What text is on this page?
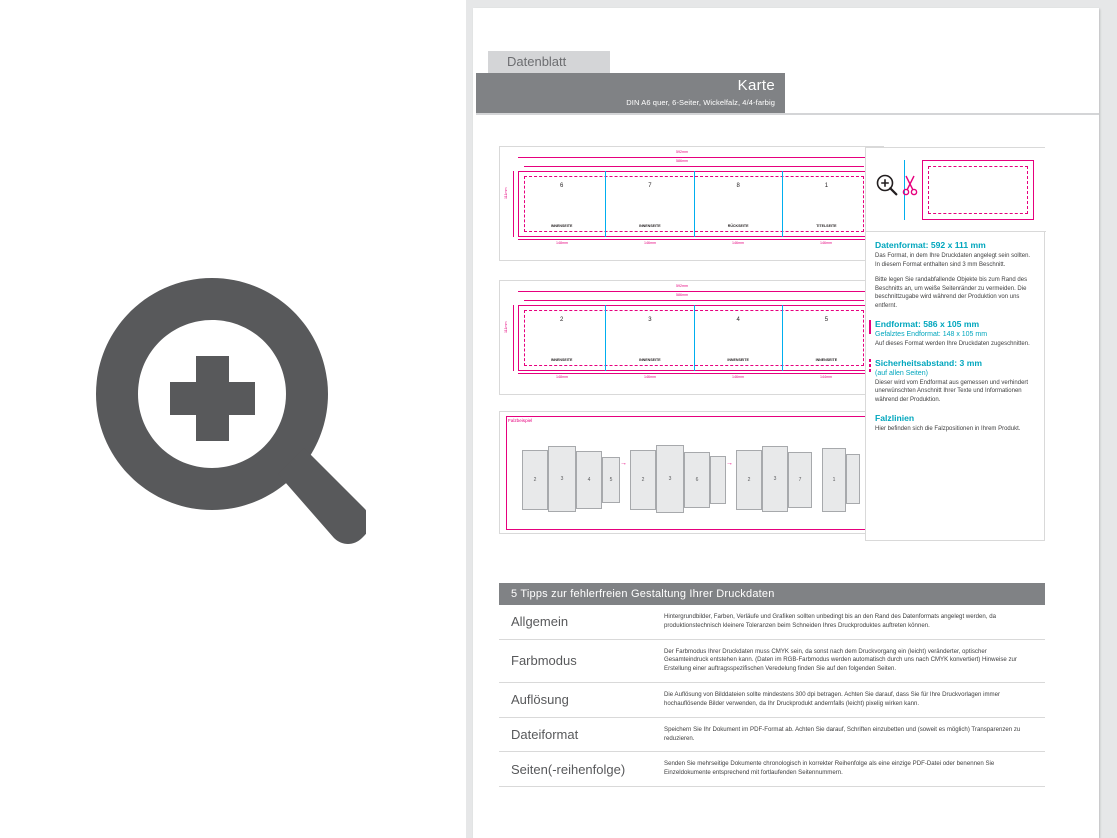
Datenblatt
Karte
DIN A6 quer, 6-Seiter, Wickelfalz, 4/4-farbig
592mm
586mm
111mm
6
INNENSEITE
7
INNENSEITE
8
RÜCKSEITE
1
TITELSEITE
148mm	146mm	146mm	146mm
592mm
586mm
111mm
2
INNENSEITE
3
INNENSEITE
4
INNENSEITE
5
INNENSEITE
148mm	146mm	146mm	144mm
Falzbeispiel
2	3	4	5
→
2	3	6
→
2	3	7	1
Datenformat: 592 x 111 mm
Das Format, in dem Ihre Druckdaten angelegt sein sollten. In diesem Format enthalten sind 3 mm Beschnitt.
Bitte legen Sie randabfallende Objekte bis zum Rand des Beschnitts an, um weiße Seitenränder zu vermeiden. Die beschnittzugabe wird während der Produktion von uns entfernt.
Endformat: 586 x 105 mm
Gefalztes Endformat: 148 x 105 mm
Auf dieses Format werden Ihre Druckdaten zugeschnitten.
Sicherheitsabstand: 3 mm
(auf allen Seiten)
Dieser wird vom Endformat aus gemessen und verhindert unerwünschten Anschnitt Ihrer Texte und Informationen während der Produktion.
Falzlinien
Hier befinden sich die Falzpositionen in Ihrem Produkt.
5 Tipps zur fehlerfreien Gestaltung Ihrer Druckdaten
Allgemein	Hintergrundbilder, Farben, Verläufe und Grafiken sollten unbedingt bis an den Rand des Datenformats angelegt werden, da produktionstechnisch kleinere Toleranzen beim Schneiden Ihres Druckproduktes auftreten können.
Farbmodus	Der Farbmodus Ihrer Druckdaten muss CMYK sein, da sonst nach dem Druckvorgang ein (leicht) veränderter, optischer Gesamteindruck entstehen kann. (Daten im RGB-Farbmodus werden automatisch durch uns nach CMYK konvertiert) Hinweise zur Erstellung einer auftragsspezifischen Veredelung finden Sie auf den folgenden Seiten.
Auflösung	Die Auflösung von Bilddateien sollte mindestens 300 dpi betragen. Achten Sie darauf, dass Sie für Ihre Druckvorlagen immer hochauflösende Bilder verwenden, da Ihr Druckprodukt andernfalls (leicht) pixelig wirken kann.
Dateiformat	Speichern Sie Ihr Dokument im PDF-Format ab. Achten Sie darauf, Schriften einzubetten und (soweit es möglich) Transparenzen zu reduzieren.
Seiten(-reihenfolge)	Senden Sie mehrseitige Dokumente chronologisch in korrekter Reihenfolge als eine einzige PDF-Datei oder benennen Sie Einzeldokumente entsprechend mit fortlaufenden Seitennummern.
